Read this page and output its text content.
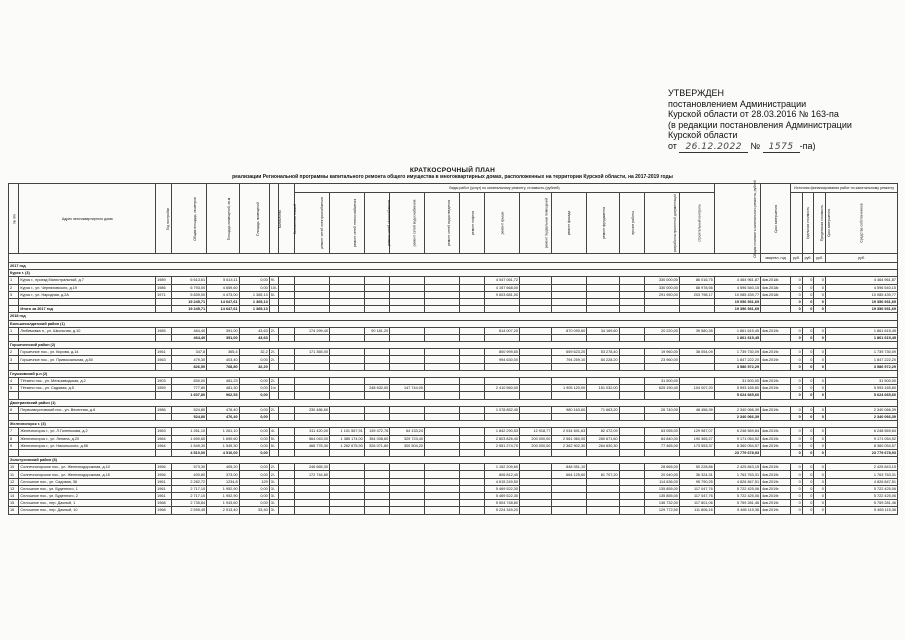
УТВЕРЖДЕН
постановлением Администрации
Курской области от 28.03.2016 № 163-па
(в редакции постановления Администрации
Курской области
от 26.12.2022 № 1575 -па)
КРАТКОСРОЧНЫЙ ПЛАН
реализации Региональной программы капитального ремонта общего имущества в многоквартирных домах, расположенных на территории Курской области, на 2017-2019 годы
№ п/п	Адрес многоквартирного дома	Год постройки	Общая площадь, кв.метров	Площадь помещений, кв.м	Площадь помещений	Количество	Количество этажей	Виды работ (услуг) по капитальному ремонту, стоимость (рублей)													Общая стоимость капитального ремонта, рублей	Срок завершения	Источник финансирования работ по капитальному ремонту			
								ремонт сетей электроснабжения	ремонт сетей теплоснабжения	ремонт сетей газоснабжения	ремонт сетей водоснабжения	ремонт сетей водоотведения	ремонт лифтов	ремонт крыши	ремонт подвальных помещений	ремонт фасада	ремонт фундамента	прочие работы	разработка проектной документации	строительный контроль			Удельная стоимость	Предельная стоимость	Срок завершения	Средства собственников
																						квартал, год	руб.	руб.	руб.	руб.
2017 год																										
Курск г. (3)																										
1	Курск г., проезд Магистральный, д.7	1989	6 613,61	5 614,11	0,00	9/-								4 047 061,72					330 000,00	86 016,75	4 464 961,87	4кв.2018г.	0	0	0	4 464 961,87
2	Курск г., ул. Черняховского, д.19	1986	6 793,00	4 659,60	0,00	10/-								4 157 668,00					330 000,00	88 978,56	4 596 540,15	4кв.2018г.	0	0	0	4 596 540,15
3	Курск г., ул. Народная, д.2А	1971	5 839,00	4 473,00	1 365,13	5/-								9 603 681,00					291 950,00	203 798,17	10 085 439,77	4кв.2018г.	0	0	0	10 085 439,77
			19 245,71	14 647,61	1 365,13																19 056 931,69		0	0	0	19 356 931,69
	Итого за 2017 год		19 245,71	14 647,61	1 365,13																19 356 931,69		0	0	0	19 356 931,69
2018 год																										
Большесолдатский район (1)																										
1	Любимовка п., ул. Школьная, д.10	1985	464,40	391,00	43,63	2/-		174 299,40		90 181,20				814 007,20		870 090,60	34 169,60		20 220,00	39 580,35	1 861 615,45	4кв.2019г.	0	0	0	1 861 615,45
			464,40	391,00	43,63																1 861 615,45		0	0	0	1 861 615,45
Горшеченский район (2)																										
2	Горшечное пос., ул. Кирова, д.14	1961	347,8	365,4	32,2	2/-		171 365,00						800 999,60		659 623,20	53 278,40		19 960,00	38 054,09	1 739 730,09	4кв.2019г.	0	0	0	1 739 730,09
3	Горшечное пос., ул. Привокзальная, д.50	1963	479,30	403,40	0,00	2/-								994 630,00		794 259,10	84 228,20		23 960,00		1 847 222,20	4кв.2019г.	0	0	0	1 847 222,20
			826,50	768,80	32,20																3 586 972,29		0	0	0	3 586 972,29
Глушковский р-н (2)																										
4	Тёткино пос., ул. Мельзаводская, д.2	1903	830,00	481,23	0,00	2/-													31 500,00		31 500,00	4кв.2019г.	0	0	0	31 500,00
5	Тёткино пос., ул. Садовая, д.5	1959	777,80	481,30	0,00	1/x				248 632,00	147 744,00			2 410 560,00		1 905 120,00	151 032,00		625 190,40	104 007,20	5 593 165,60	4кв.2019г.	0	0	0	5 593 165,60
			1 607,80	962,53	0,00																5 624 665,60		0	0	0	5 624 665,60
Дмитриевский район (1)																										
6	Первоавгустовский пос., ул. Весенняя, д.6	1986	524,80	476,40	0,00	2/-		230 486,60						1 078 852,40		980 163,60	71 663,20		26 740,00	48 456,39	2 340 066,39	4кв.2019г.	0	0	0	2 340 066,39
			524,80	476,40	0,00																2 340 066,39		0	0	0	2 340 066,39
Железногорск г. (3)																										
7	Железногорск г., ул. Л.Голенькова, д.2	1963	1 261,10	1 261,10	0,00	4/-		311 420,00	1 101 567,91	139 472,76	64 133,24			1 842 290,53	12 918,77	2 034 691,63	82 472,09		63 055,00	129 987,07	6 248 569,84	4кв.2019г.	0	0	0	6 248 569,84
8	Железногорск г., ул. Ленина, д.20	1964	1 690,60	1 690,60	0,00	5/-		564 043,00	1 385 174,00	354 008,60	329 723,40			2 803 826,40	200 000,00	2 561 060,00	280 671,60		84 840,00	190 365,27	9 171 054,52	4кв.2019г.	0	0	0	9 171 054,52
9	Железногорск г., ул. Никольского, д.56	1964	1 549,30	1 549,30	0,00	5/-		466 776,30	1 262 675,90	526 071,80	300 504,20			2 551 274,70	200 000,00	2 362 902,30	264 830,30		77 465,00	173 553,37	8 360 054,57	4кв.2019г.	0	0	0	8 360 054,57
			4 510,00	4 510,00	0,00																23 779 678,93		0	0	0	23 779 678,93
Золотухинский район (8)																										
10	Солнечногорское пос., ул. Железнодорожная, д.10	1956	573,30	405,20	0,00	2/-		246 665,30						1 152 209,60		848 351,10			28 665,00	50 228,86	2 425 843,15	4кв.2019г.	0	0	0	2 425 843,15
11	Солнечногорское пос., ул. Железнодорожная, д.15	1956	400,80	373,00	0,00	2/-		172 744,80						806 812,40		664 125,60	81 707,20		20 040,00	36 324,31	1 763 763,31	4кв.2019г.	0	0	0	1 763 763,31
12	Сплошное пос., ул. Садовая, 36	1961	2 282,72	1234,8	129	3/-								4 615 249,50					114 636,00	95 790,25	4 826 847,51	4кв.2019г.	0	0	0	4 826 847,51
13	Сплошное пос., ул. Буденного, 1	1961	2 717,10	1 952,90	0,00	3/-								5 469 522,30					135 855,00	117 047,76	5 722 425,06	4кв.2019г.	0	0	0	5 722 425,06
14	Сплошное пос., ул. Буденного, 2	1961	2 717,10	1 952,90	0,00	3/-								5 469 522,30					135 855,00	117 047,76	5 722 425,06	4кв.2019г.	0	0	0	5 722 425,06
15	Сплошное пос., пер. Дачный, 1	1968	2 735,84	1 943,60	0,00	3/-								5 504 748,80					136 732,00	117 801,06	5 759 281,46	4кв.2019г.	0	0	0	5 759 281,46
16	Сплошное пос., пер. Дачный, 10	1968	2 595,45	2 513,40	53,40	3/-								5 224 349,20					129 772,50	111 806,16	5 465 115,36	4кв.2019г.	0	0	0	5 465 115,36
